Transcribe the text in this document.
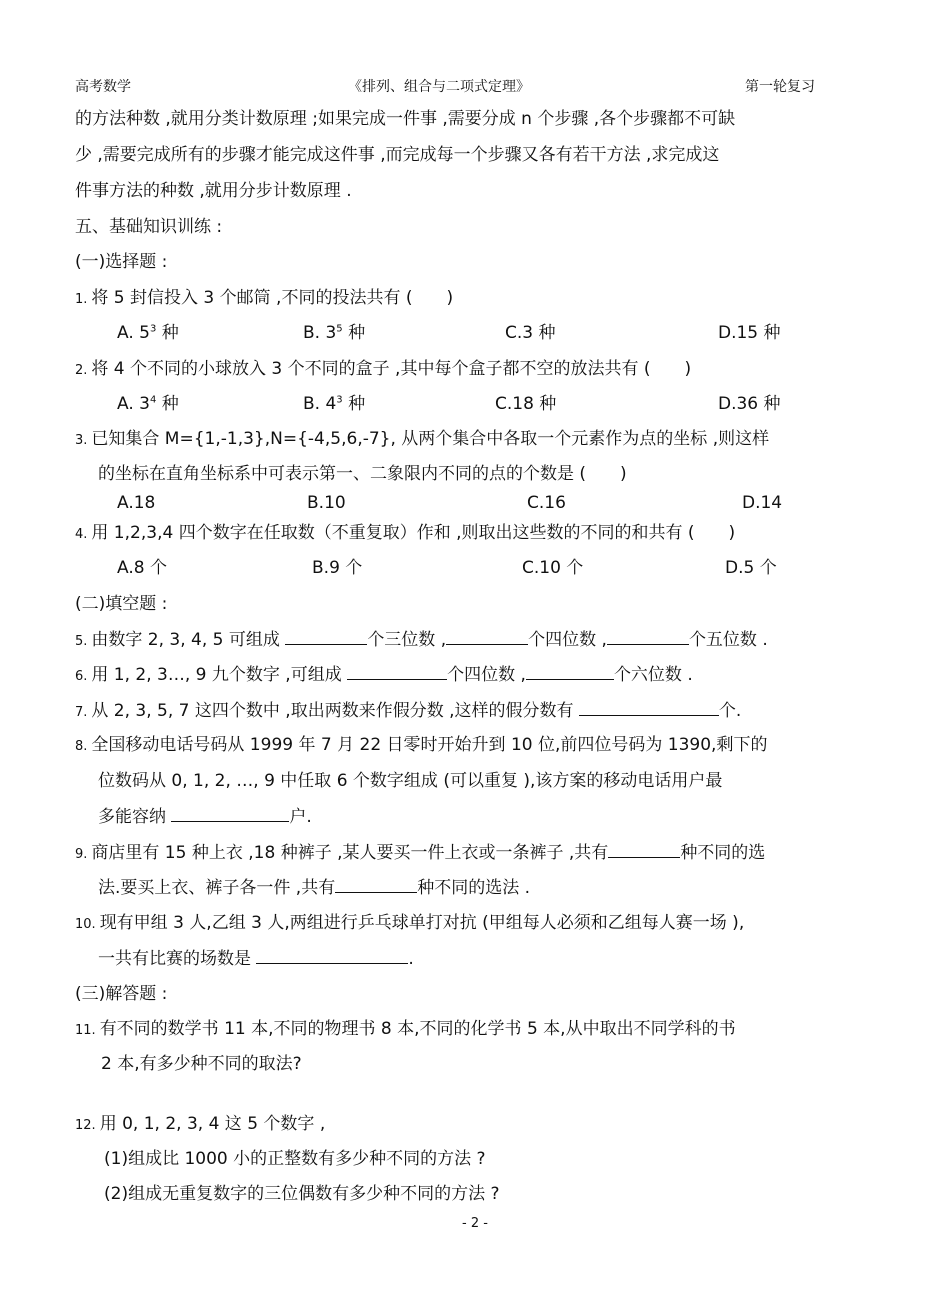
高考数学	《排列、组合与二项式定理》	第一轮复习
的方法种数 ,就用分类计数原理 ;如果完成一件事 ,需要分成 n 个步骤 ,各个步骤都不可缺
少 ,需要完成所有的步骤才能完成这件事 ,而完成每一个步骤又各有若干方法 ,求完成这
件事方法的种数 ,就用分步计数原理 .
五、基础知识训练 :
(一)选择题 :
1. 将 5 封信投入 3 个邮筒 ,不同的投法共有 (　　)
A. $5^3$ 种	B. $3^5$ 种	C.3 种	D.15 种
2. 将 4 个不同的小球放入 3 个不同的盒子 ,其中每个盒子都不空的放法共有 (　　)
A. $3^4$ 种	B. $4^3$ 种	C.18 种	D.36 种
3. 已知集合 M={1,-1,3},N={-4,5,6,-7}, 从两个集合中各取一个元素作为点的坐标 ,则这样
的坐标在直角坐标系中可表示第一、二象限内不同的点的个数是 (　　)
A.18	B.10	C.16	D.14
4. 用 1,2,3,4 四个数字在任取数（不重复取）作和 ,则取出这些数的不同的和共有 (　　)
A.8 个	B.9 个	C.10 个	D.5 个
(二)填空题 :
5. 由数字 2, 3, 4, 5 可组成	个三位数 ,	个四位数 ,	个五位数 .
6. 用 1, 2, 3…, 9 九个数字 ,可组成	个四位数 ,	个六位数 .
7. 从 2, 3, 5, 7 这四个数中 ,取出两数来作假分数 ,这样的假分数有	个.
8. 全国移动电话号码从 1999 年 7 月 22 日零时开始升到 10 位,前四位号码为 1390,剩下的
位数码从 0, 1, 2, …, 9 中任取 6 个数字组成 (可以重复 ),该方案的移动电话用户最
多能容纳	户.
9. 商店里有 15 种上衣 ,18 种裤子 ,某人要买一件上衣或一条裤子 ,共有	种不同的选
法.要买上衣、裤子各一件 ,共有	种不同的选法 .
10. 现有甲组 3 人,乙组 3 人,两组进行乒乓球单打对抗 (甲组每人必须和乙组每人赛一场 ),
一共有比赛的场数是	.
(三)解答题 :
11. 有不同的数学书 11 本,不同的物理书 8 本,不同的化学书 5 本,从中取出不同学科的书
2 本,有多少种不同的取法?
12. 用 0, 1, 2, 3, 4 这 5 个数字 ,
(1)组成比 1000 小的正整数有多少种不同的方法 ?
(2)组成无重复数字的三位偶数有多少种不同的方法 ?
- 2 -
